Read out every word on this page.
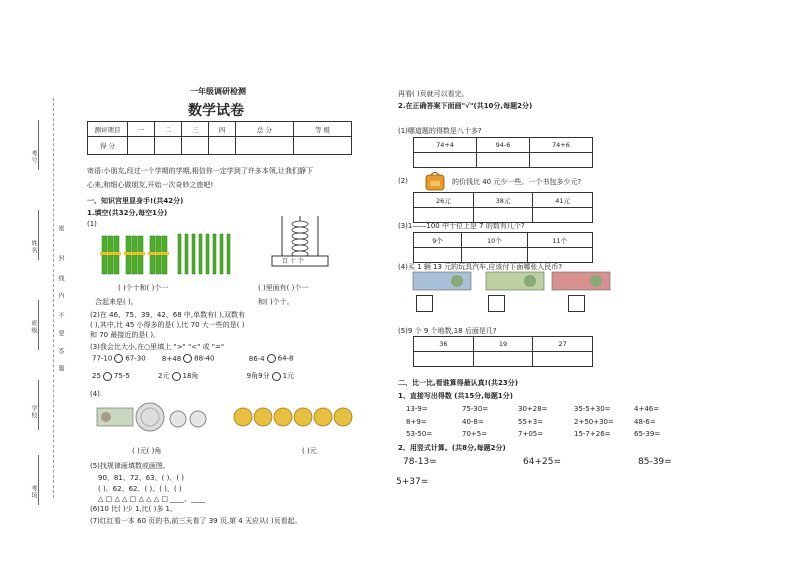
考号
姓名
班级
学校
考场
密
封
线
内
不
要
答
题
一年级调研检测
数学试卷
测评项目	一	二	三	四	总 分	等 级
得 分						
寄语:小朋友,经过一个学期的学期,相信你一定学到了许多本领,让我们静下
心来,和细心做朋友,开始一次奇妙之旅吧!
一、知识宫里显身手!(共42分)
1.填空(共32分,每空1分)
(1)
百 十 个
( )个十和( )个一	( )里面有( )个一
合起来是( )。	和( )个十。
(2)在 46、75、39、42、68 中,单数有( ),双数有
( ),其中,比 45 小得多的是( ),比 70 大一些的是( )
和 70 最接近的是( )。
(3)我会比大小,在○里填上 ">" "<" 或 "="
77-10 67-30 8+48 88-40	86-4 64-8
25 75-5	2元 18角	9角9分 1元
(4).
( )元( )角	( )元
(5)找规律画填数或画图。
90、81、72、63、( )、( )
( )、62、62、( )、( )、( )
△ □ △ △ □ △ △ △ □ ____、____
(6)10 比( )少 1,比( )多 1。
(7)红红看一本 60 页的书,前三天看了 39 页,第 4 天应从( )页看起。
再看( )页就可以看完。
2.在正确答案下面画"√"(共10分,每题2分)
(1)哪道题的得数是八十多?
74+4	94-6	74+6

(2)	的价钱比 40 元少一些。一个书包多少元?
26元	38元	41元

(3)1——100 中十位上是 7 的数有几个?
9个	10个	11个

(4)买 1 辆 13 元的玩具汽车,应该付下面哪张人民币?
(5)9 个 9 个地数,18 后面是几?
36	19	27

二、比一比,看谁算得最认真!(共23分)
1、直接写出得数 (共15分,每题1分)
13-9=	75-30=	30+28=	35-5+30=	4+46=
8+9=	40-8=	55+3=	2+50+30=	48-6=
53-50=	70+5=	7+05=	15-7+26=	65-39=
2、用竖式计算。(共8分,每题2分)
78-13=	64+25=	85-39=
5+37=
